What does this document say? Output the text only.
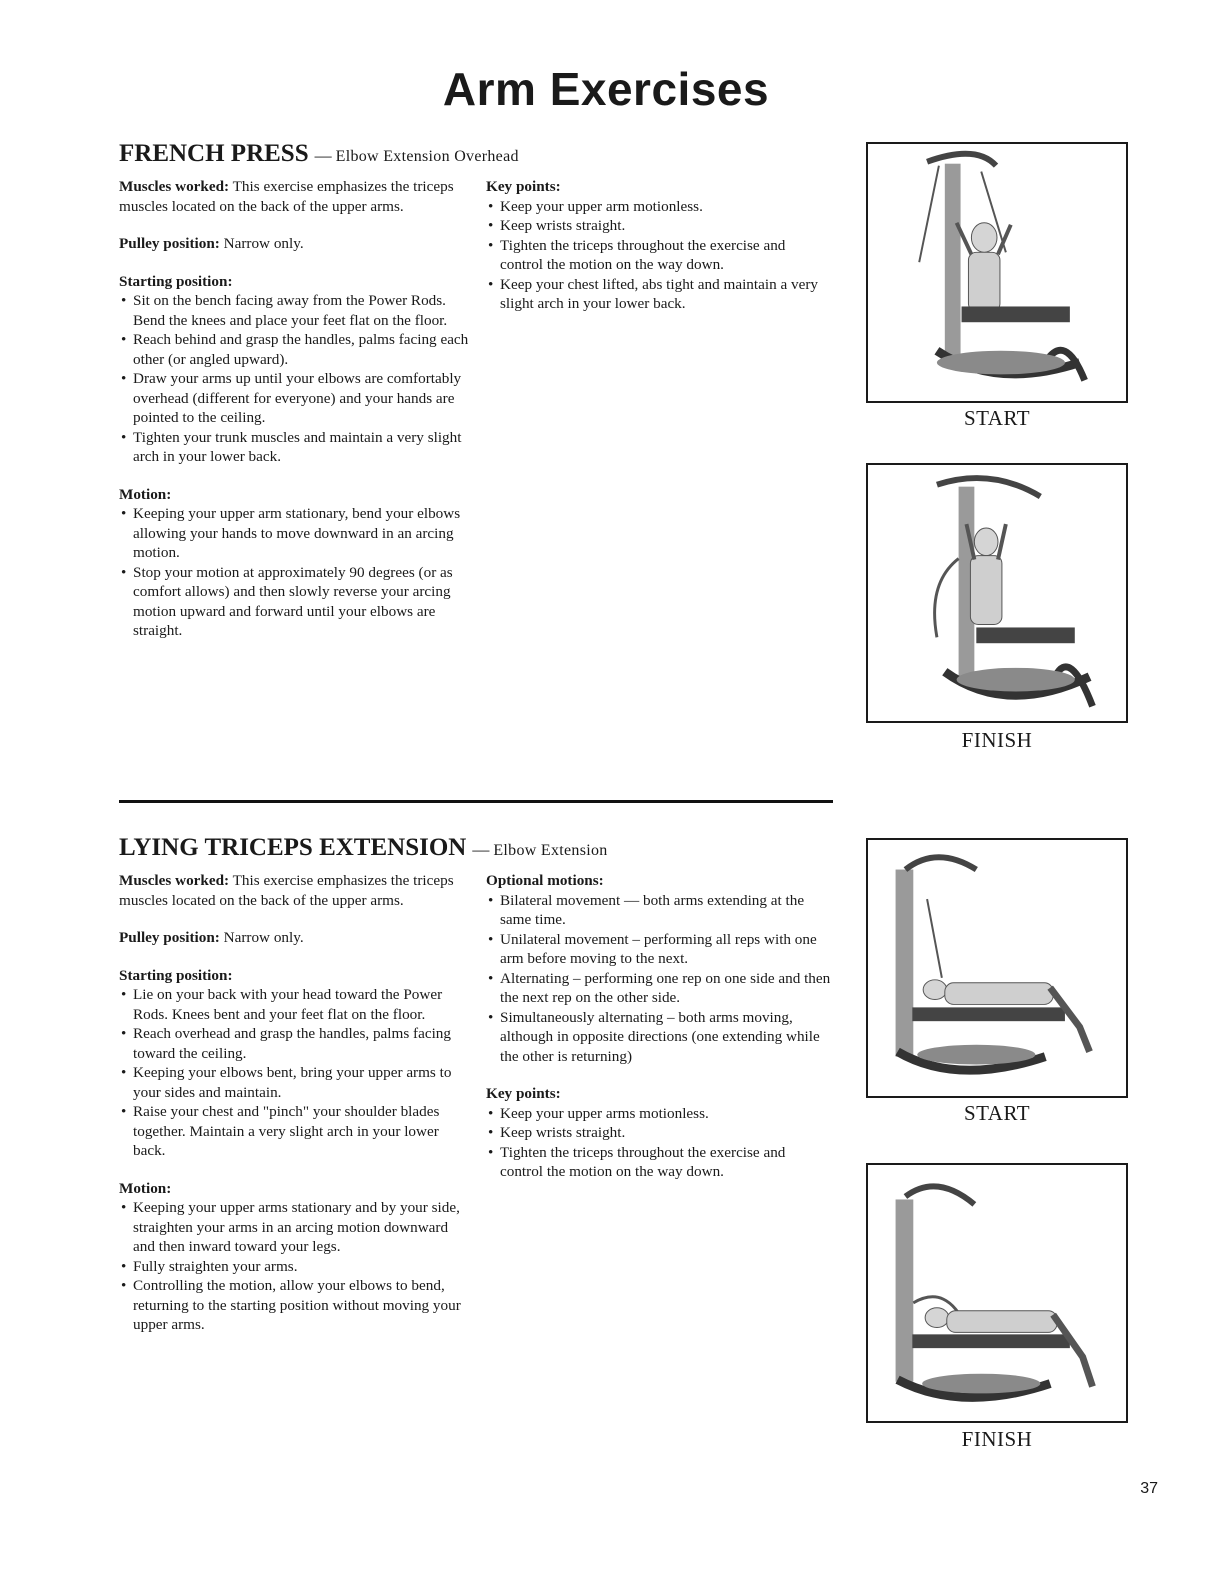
Arm Exercises
FRENCH PRESS — Elbow Extension Overhead

Muscles worked: This exercise emphasizes the triceps muscles located on the back of the upper arms.

Pulley position: Narrow only.

Starting position:
• Sit on the bench facing away from the Power Rods. Bend the knees and place your feet flat on the floor.
• Reach behind and grasp the handles, palms facing each other (or angled upward).
• Draw your arms up until your elbows are comfortably overhead (different for everyone) and your hands are pointed to the ceiling.
• Tighten your trunk muscles and maintain a very slight arch in your lower back.
Motion:
• Keeping your upper arm stationary, bend your elbows allowing your hands to move downward in an arcing motion.
• Stop your motion at approximately 90 degrees (or as comfort allows) and then slowly reverse your arcing motion upward and forward until your elbows are straight.
Key points:
• Keep your upper arm motionless.
• Keep wrists straight.
• Tighten the triceps throughout the exercise and control the motion on the way down.
• Keep your chest lifted, abs tight and maintain a very slight arch in your lower back.
START
FINISH
LYING TRICEPS EXTENSION — Elbow Extension

Muscles worked: This exercise emphasizes the triceps muscles located on the back of the upper arms.

Pulley position: Narrow only.

Starting position:
• Lie on your back with your head toward the Power Rods. Knees bent and your feet flat on the floor.
• Reach overhead and grasp the handles, palms facing toward the ceiling.
• Keeping your elbows bent, bring your upper arms to your sides and maintain.
• Raise your chest and "pinch" your shoulder blades together. Maintain a very slight arch in your lower back.
Motion:
• Keeping your upper arms stationary and by your side, straighten your arms in an arcing motion downward and then inward toward your legs.
• Fully straighten your arms.
• Controlling the motion, allow your elbows to bend, returning to the starting position without moving your upper arms.
Optional motions:
• Bilateral movement — both arms extending at the same time.
• Unilateral movement – performing all reps with one arm before moving to the next.
• Alternating – performing one rep on one side and then the next rep on the other side.
• Simultaneously alternating – both arms moving, although in opposite directions (one extending while the other is returning)
Key points:
• Keep your upper arms motionless.
• Keep wrists straight.
• Tighten the triceps throughout the exercise and control the motion on the way down.
START
FINISH
37
